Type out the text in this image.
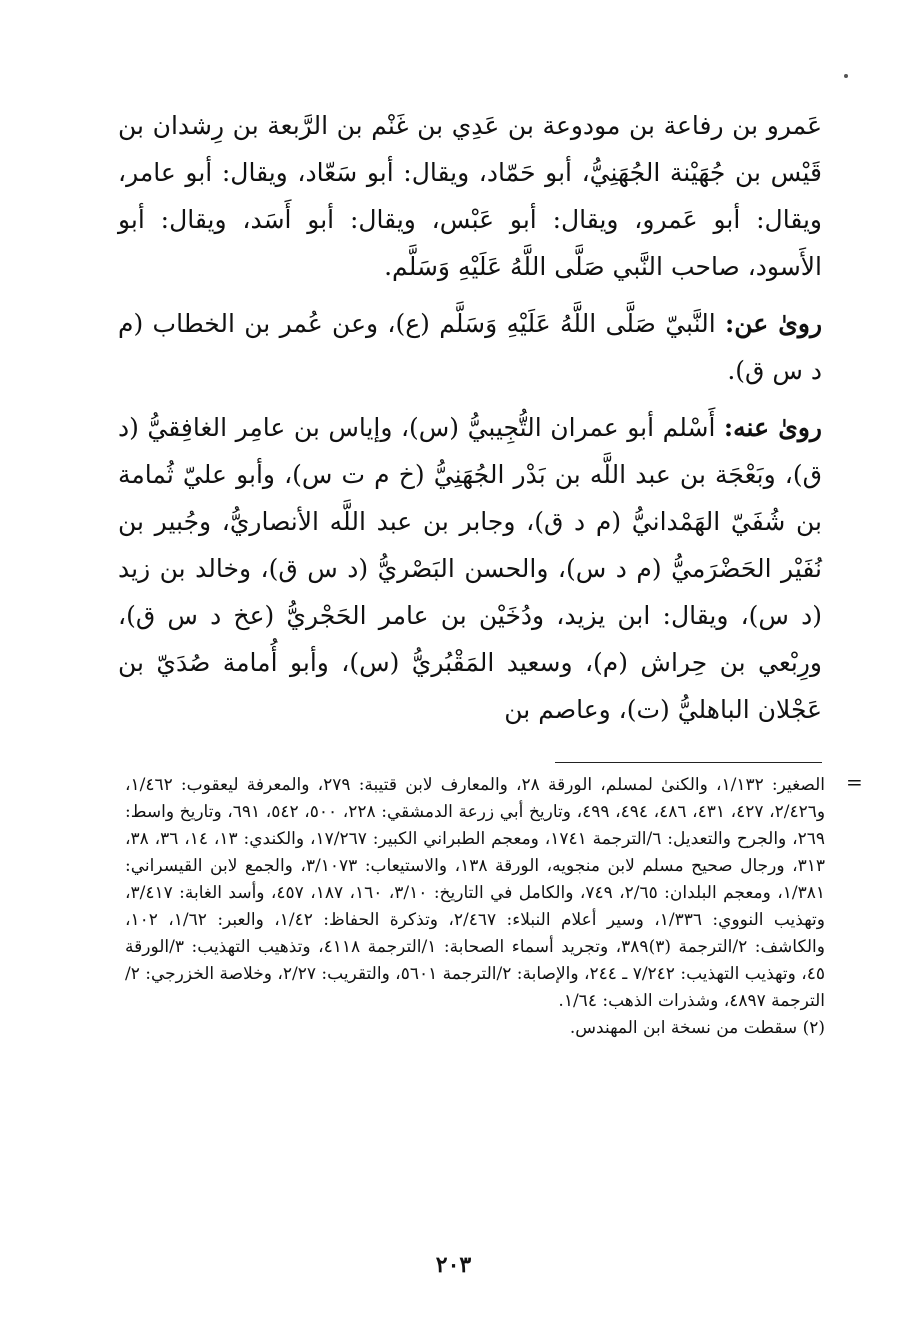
عَمرو بن رفاعة بن مودوعة بن عَدِي بن غَنْم بن الرَّبعة بن رِشدان بن قَيْس بن جُهَيْنة الجُهَنِيُّ، أبو حَمّاد، ويقال: أبو سَعّاد، ويقال: أبو عامر، ويقال: أبو عَمرو، ويقال: أبو عَبْس، ويقال: أبو أَسَد، ويقال: أبو الأَسود، صاحب النَّبي صَلَّى اللَّهُ عَلَيْهِ وَسَلَّم.

روىٰ عن: النَّبيّ صَلَّى اللَّهُ عَلَيْهِ وَسَلَّم (ع)، وعن عُمر بن الخطاب (م د س ق).

روىٰ عنه: أَسْلم أبو عمران التُّجِيبيُّ (س)، وإياس بن عامِر الغافِقيُّ (د ق)، وبَعْجَة بن عبد اللَّه بن بَدْر الجُهَنِيُّ (خ م ت س)، وأبو عليّ ثُمامة بن شُفَيّ الهَمْدانيُّ (م د ق)، وجابر بن عبد اللَّه الأنصاريُّ، وجُبير بن نُفَيْر الحَضْرَميُّ (م د س)، والحسن البَصْريُّ (د س ق)، وخالد بن زيد (د س)، ويقال: ابن يزيد، ودُخَيْن بن عامر الحَجْريُّ (عخ د س ق)، ورِبْعي بن حِراش (م)، وسعيد المَقْبُريُّ (س)، وأبو أُمامة صُدَيّ بن عَجْلان الباهليُّ (ت)، وعاصم بن

=

الصغير: ١/١٣٢، والكنىٰ لمسلم، الورقة ٢٨، والمعارف لابن قتيبة: ٢٧٩، والمعرفة ليعقوب: ١/٤٦٢، و٢/٤٢٦، ٤٢٧، ٤٣١، ٤٨٦، ٤٩٤، ٤٩٩، وتاريخ أبي زرعة الدمشقي: ٢٢٨، ٥٠٠، ٥٤٢، ٦٩١، وتاريخ واسط: ٢٦٩، والجرح والتعديل: ٦/الترجمة ١٧٤١، ومعجم الطبراني الكبير: ١٧/٢٦٧، والكندي: ١٣، ١٤، ٣٦، ٣٨، ٣١٣، ورجال صحيح مسلم لابن منجويه، الورقة ١٣٨، والاستيعاب: ٣/١٠٧٣، والجمع لابن القيسراني: ١/٣٨١، ومعجم البلدان: ٢/٦٥، ٧٤٩، والكامل في التاريخ: ٣/١٠، ١٦٠، ١٨٧، ٤٥٧، وأسد الغابة: ٣/٤١٧، وتهذيب النووي: ١/٣٣٦، وسير أعلام النبلاء: ٢/٤٦٧، وتذكرة الحفاظ: ١/٤٢، والعبر: ١/٦٢، ١٠٢، والكاشف: ٢/الترجمة (٣)٣٨٩، وتجريد أسماء الصحابة: ١/الترجمة ٤١١٨، وتذهيب التهذيب: ٣/الورقة ٤٥، وتهذيب التهذيب: ٧/٢٤٢ ـ ٢٤٤، والإصابة: ٢/الترجمة ٥٦٠١، والتقريب: ٢/٢٧، وخلاصة الخزرجي: ٢/الترجمة ٤٨٩٧، وشذرات الذهب: ١/٦٤.

(٢) سقطت من نسخة ابن المهندس.

٢٠٣
